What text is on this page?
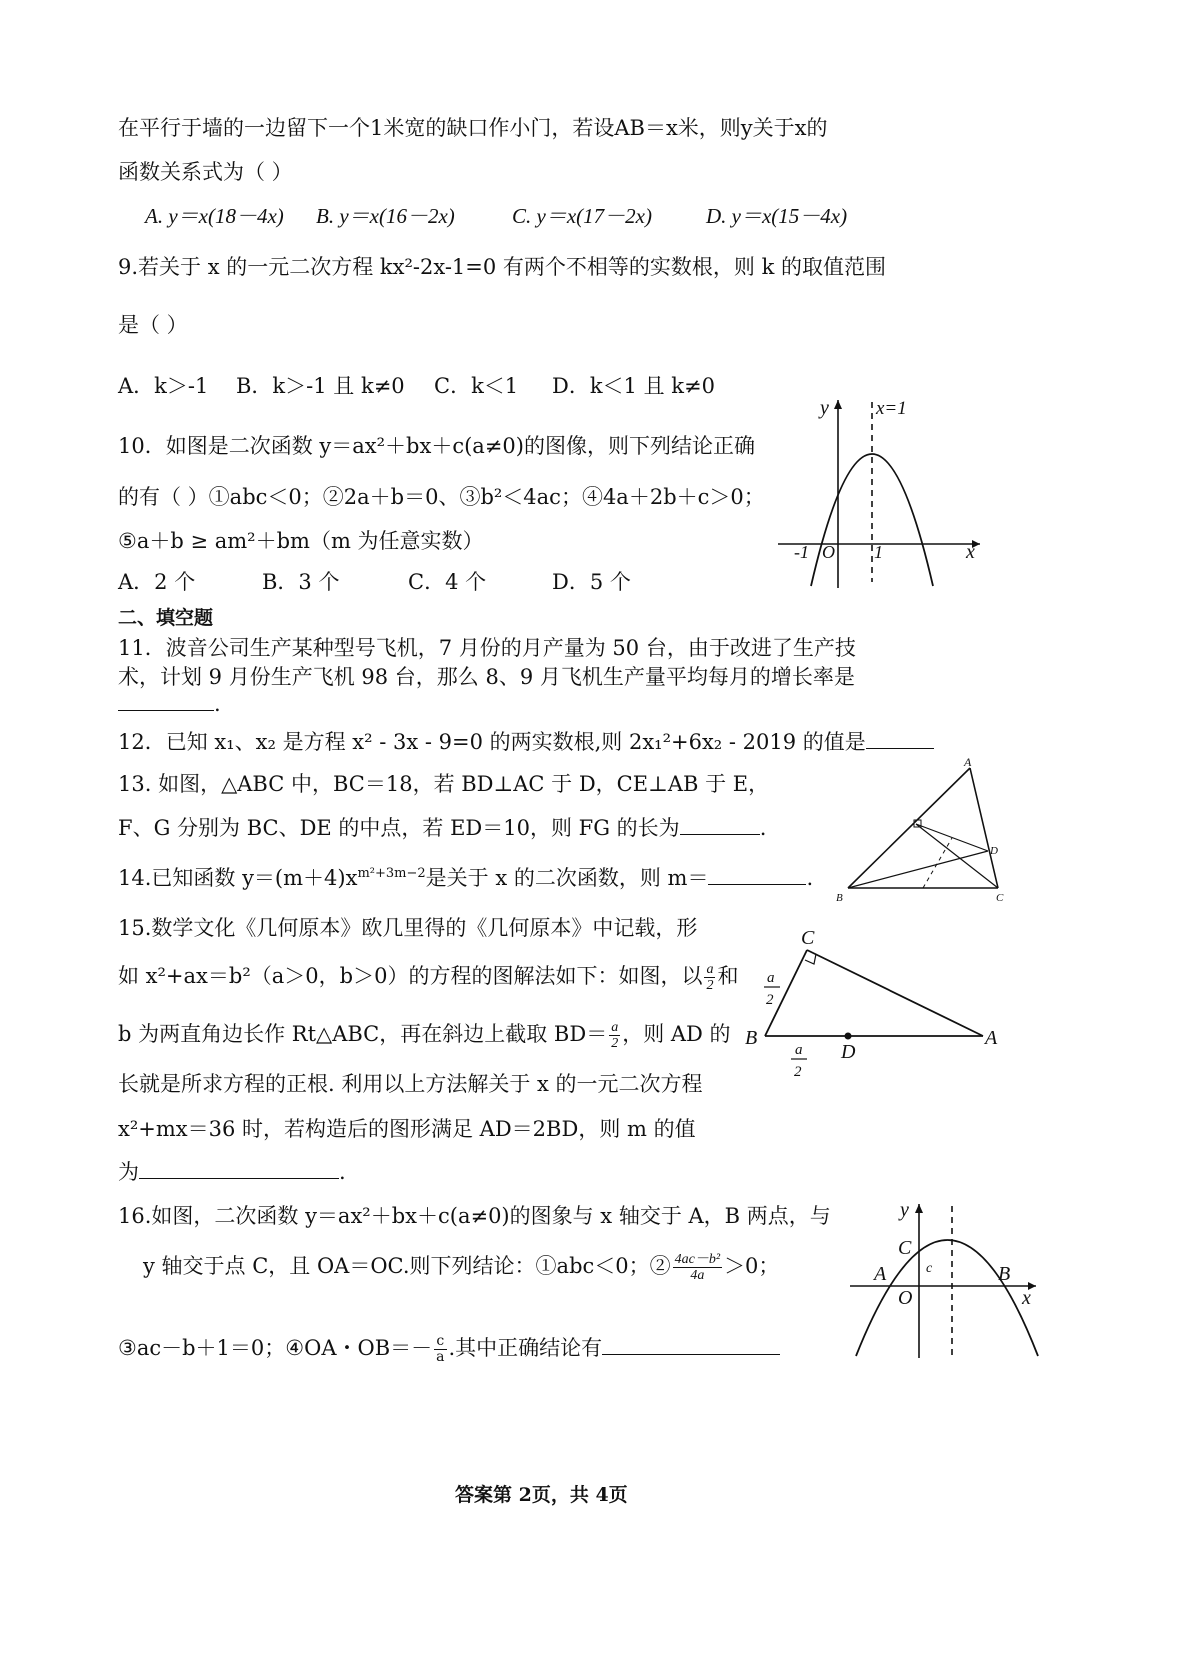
在平行于墙的一边留下一个1米宽的缺口作小门，若设AB＝x米，则y关于x的
函数关系式为（ ）
A. y＝x(18－4x) B. y＝x(16－2x)	C. y＝x(17－2x)	D. y＝x(15－4x)
9.若关于 x 的一元二次方程 kx²-2x-1=0 有两个不相等的实数根，则 k 的取值范围
是（ ）
A．k＞-1 B．k＞-1 且 k≠0 C．k＜1 D．k＜1 且 k≠0
10．如图是二次函数 y＝ax²＋bx＋c(a≠0)的图像，则下列结论正确
的有（ ）①abc＜0；②2a＋b＝0、③b²＜4ac；④4a＋2b＋c＞0；
⑤a＋b ≥ am²＋bm（m 为任意实数）
A．2 个	B．3 个	C．4 个	D．5 个
y x=1
-1 O 1	x
二、填空题
11．波音公司生产某种型号飞机，7 月份的月产量为 50 台，由于改进了生产技
术，计划 9 月份生产飞机 98 台，那么 8、9 月飞机生产量平均每月的增长率是
.
12．已知 x₁、x₂ 是方程 x² - 3x - 9=0 的两实数根,则 2x₁²+6x₂ - 2019 的值是
13. 如图，△ABC 中，BC＝18，若 BD⊥AC 于 D，CE⊥AB 于 E，
F、G 分别为 BC、DE 的中点，若 ED＝10，则 FG 的长为	.
A
B	C
D
14.已知函数 $y=(m+4)x^{m^2+3m-2}$是关于 x 的二次函数，则 m＝	.
15.数学文化《几何原本》欧几里得的《几何原本》中记载，形
如 x²+ax＝b²（a＞0，b＞0）的方程的图解法如下：如图，以 $\frac{a}{2}$ 和
b 为两直角边长作 Rt△ABC，再在斜边上截取 $BD= \frac{a}{2}$ ，则 AD 的
长就是所求方程的正根. 利用以上方法解关于 x 的一元二次方程
x²+mx＝36 时，若构造后的图形满足 AD＝2BD，则 m 的值
为	.
C
B	A
D
a
2
a
2
16.如图，二次函数 y＝ax²＋bx＋c(a≠0)的图象与 x 轴交于 A，B 两点，与
y 轴交于点 C，且 OA＝OC.则下列结论：①abc＜0；② $\frac{\text{4ac－b²}}{4a} >0$；
③ac－b＋1＝0；④OA・$OB=- \frac{c}{a}$ .其中正确结论有
y
C
c
A	B
O	x
答案第 2页，共 4页
